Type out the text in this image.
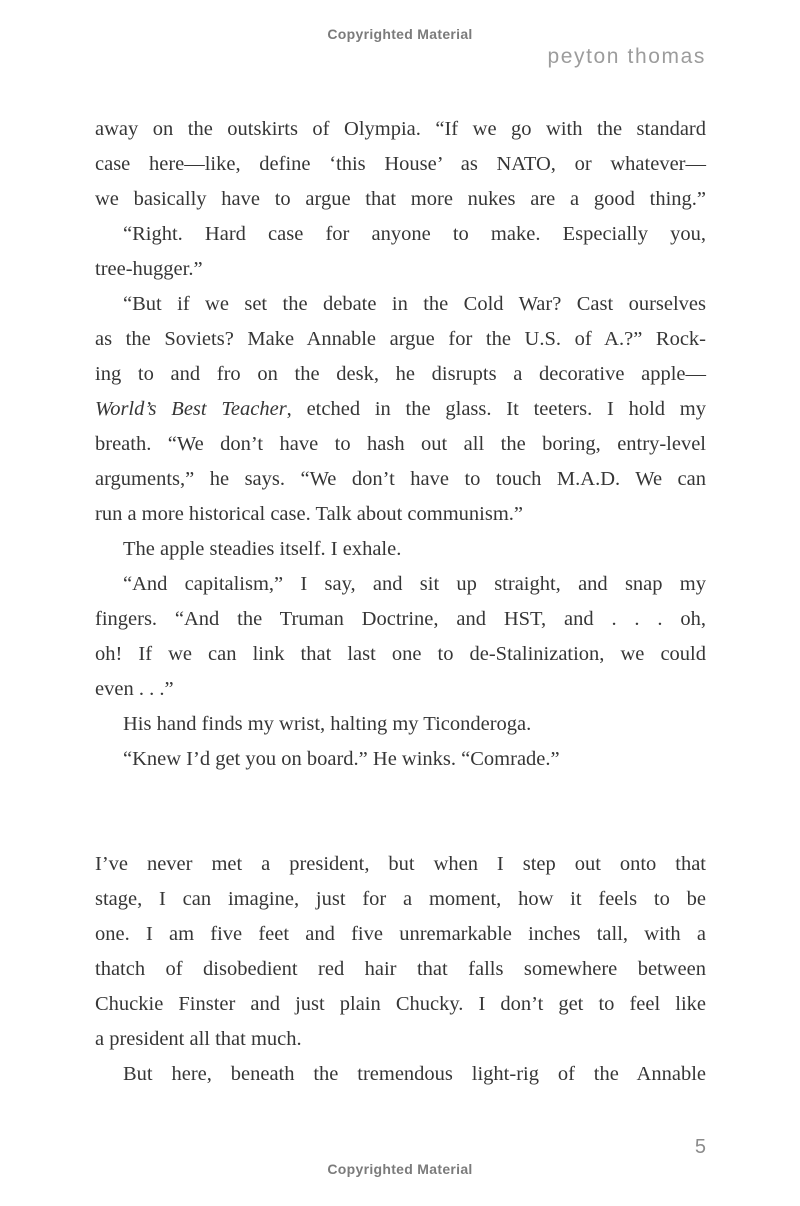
Copyrighted Material
peyton thomas
away on the outskirts of Olympia. “If we go with the standard
case here—like, define ‘this House’ as NATO, or whatever—
we basically have to argue that more nukes are a good thing.”
“Right. Hard case for anyone to make. Especially you,
tree-hugger.”
“But if we set the debate in the Cold War? Cast ourselves
as the Soviets? Make Annable argue for the U.S. of A.?” Rock-
ing to and fro on the desk, he disrupts a decorative apple—
World’s Best Teacher, etched in the glass. It teeters. I hold my
breath. “We don’t have to hash out all the boring, entry-level
arguments,” he says. “We don’t have to touch M.A.D. We can
run a more historical case. Talk about communism.”
The apple steadies itself. I exhale.
“And capitalism,” I say, and sit up straight, and snap my
fingers. “And the Truman Doctrine, and HST, and . . . oh,
oh! If we can link that last one to de-Stalinization, we could
even . . .”
His hand finds my wrist, halting my Ticonderoga.
“Knew I’d get you on board.” He winks. “Comrade.”
I’ve never met a president, but when I step out onto that
stage, I can imagine, just for a moment, how it feels to be
one. I am five feet and five unremarkable inches tall, with a
thatch of disobedient red hair that falls somewhere between
Chuckie Finster and just plain Chucky. I don’t get to feel like
a president all that much.
But here, beneath the tremendous light-rig of the Annable
5
Copyrighted Material
